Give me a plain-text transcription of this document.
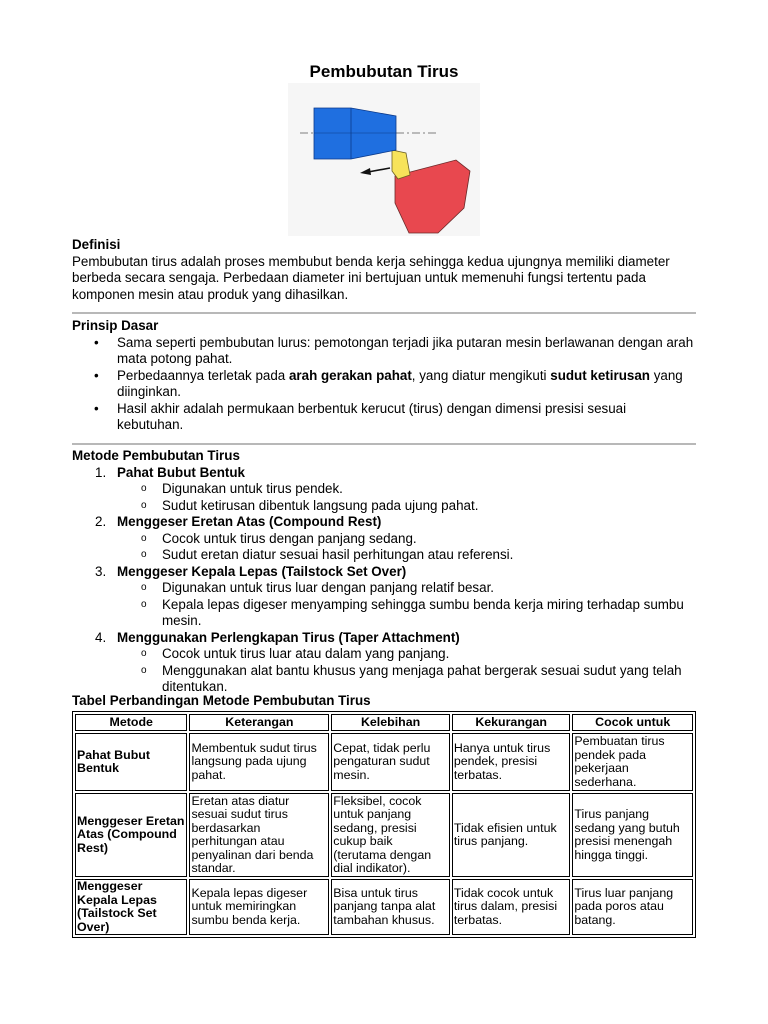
Pembubutan Tirus
Definisi

Pembubutan tirus adalah proses membubut benda kerja sehingga kedua ujungnya memiliki diameter berbeda secara sengaja. Perbedaan diameter ini bertujuan untuk memenuhi fungsi tertentu pada komponen mesin atau produk yang dihasilkan.

Prinsip Dasar
• Sama seperti pembubutan lurus: pemotongan terjadi jika putaran mesin berlawanan dengan arah mata potong pahat.
• Perbedaannya terletak pada arah gerakan pahat, yang diatur mengikuti sudut ketirusan yang diinginkan.
• Hasil akhir adalah permukaan berbentuk kerucut (tirus) dengan dimensi presisi sesuai kebutuhan.
Metode Pembubutan Tirus
1. Pahat Bubut Bentuk
o Digunakan untuk tirus pendek.
o Sudut ketirusan dibentuk langsung pada ujung pahat.
2. Menggeser Eretan Atas (Compound Rest)
o Cocok untuk tirus dengan panjang sedang.
o Sudut eretan diatur sesuai hasil perhitungan atau referensi.
3. Menggeser Kepala Lepas (Tailstock Set Over)
o Digunakan untuk tirus luar dengan panjang relatif besar.
o Kepala lepas digeser menyamping sehingga sumbu benda kerja miring terhadap sumbu mesin.
4. Menggunakan Perlengkapan Tirus (Taper Attachment)
o Cocok untuk tirus luar atau dalam yang panjang.
o Menggunakan alat bantu khusus yang menjaga pahat bergerak sesuai sudut yang telah ditentukan.
Tabel Perbandingan Metode Pembubutan Tirus
Metode	Keterangan	Kelebihan	Kekurangan	Cocok untuk
Pahat Bubut Bentuk	Membentuk sudut tirus langsung pada ujung pahat.	Cepat, tidak perlu pengaturan sudut mesin.	Hanya untuk tirus pendek, presisi terbatas.	Pembuatan tirus pendek pada pekerjaan sederhana.
Menggeser Eretan Atas (Compound Rest)	Eretan atas diatur sesuai sudut tirus berdasarkan perhitungan atau penyalinan dari benda standar.	Fleksibel, cocok untuk panjang sedang, presisi cukup baik (terutama dengan dial indikator).	Tidak efisien untuk tirus panjang.	Tirus panjang sedang yang butuh presisi menengah hingga tinggi.
Menggeser Kepala Lepas (Tailstock Set Over)	Kepala lepas digeser untuk memiringkan sumbu benda kerja.	Bisa untuk tirus panjang tanpa alat tambahan khusus.	Tidak cocok untuk tirus dalam, presisi terbatas.	Tirus luar panjang pada poros atau batang.
